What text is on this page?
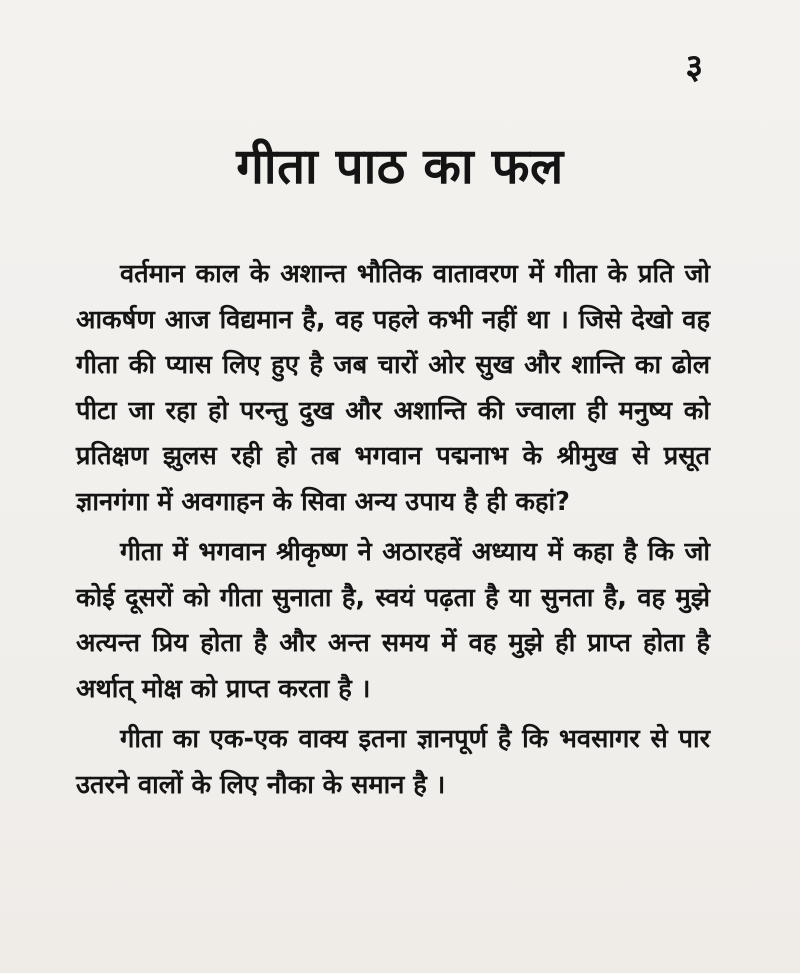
३
गीता पाठ का फल

वर्तमान काल के अशान्त भौतिक वातावरण में गीता के प्रति जो आकर्षण आज विद्यमान है, वह पहले कभी नहीं था । जिसे देखो वह गीता की प्यास लिए हुए है जब चारों ओर सुख और शान्ति का ढोल पीटा जा रहा हो परन्तु दुख और अशान्ति की ज्वाला ही मनुष्य को प्रतिक्षण झुलस रही हो तब भगवान पद्मनाभ के श्रीमुख से प्रसूत ज्ञानगंगा में अवगाहन के सिवा अन्य उपाय है ही कहां?

गीता में भगवान श्रीकृष्ण ने अठारहवें अध्याय में कहा है कि जो कोई दूसरों को गीता सुनाता है, स्वयं पढ़ता है या सुनता है, वह मुझे अत्यन्त प्रिय होता है और अन्त समय में वह मुझे ही प्राप्त होता है अर्थात् मोक्ष को प्राप्त करता है ।

गीता का एक-एक वाक्य इतना ज्ञानपूर्ण है कि भवसागर से पार उतरने वालों के लिए नौका के समान है ।
